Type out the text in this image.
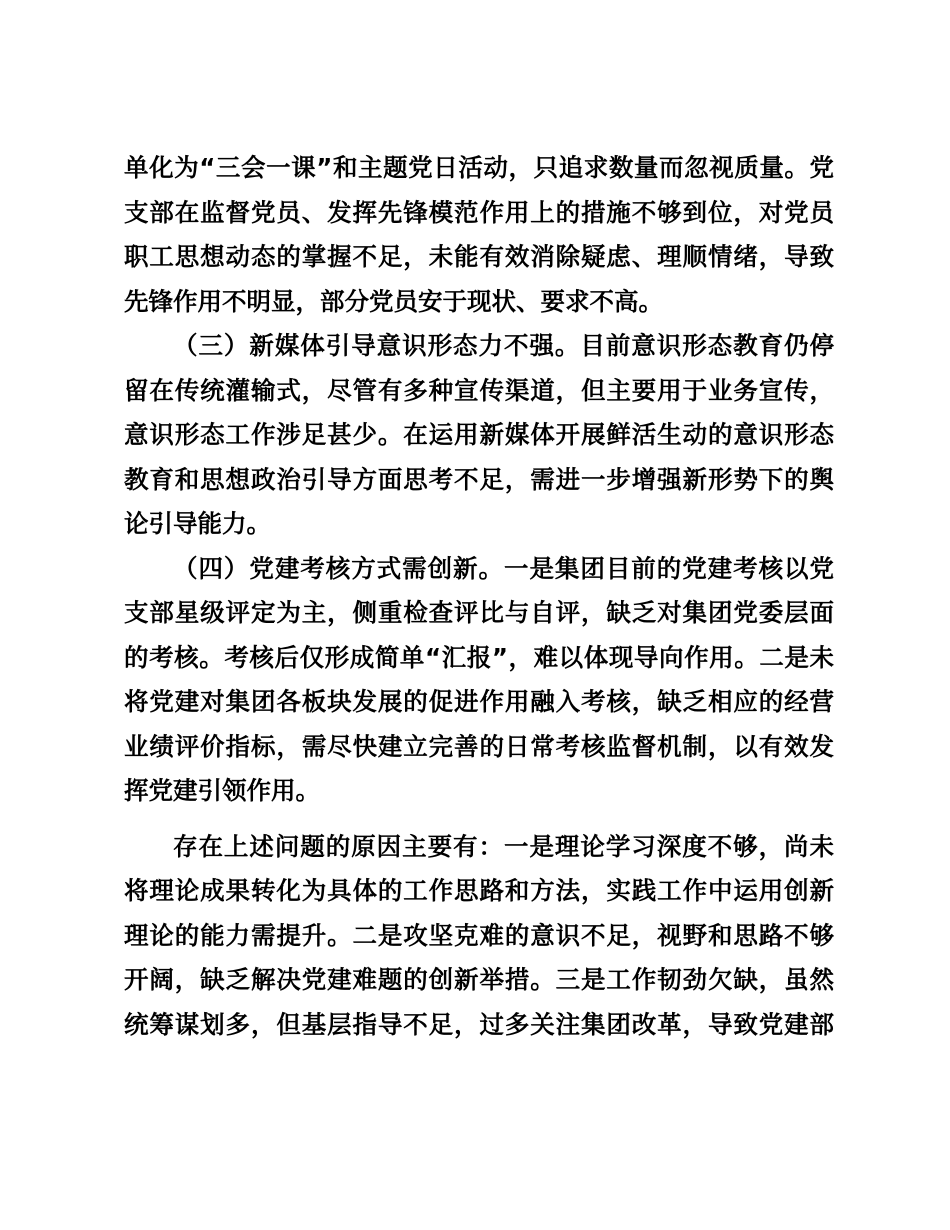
单化为“三会一课”和主题党日活动，只追求数量而忽视质量。党
支部在监督党员、发挥先锋模范作用上的措施不够到位，对党员
职工思想动态的掌握不足，未能有效消除疑虑、理顺情绪，导致
先锋作用不明显，部分党员安于现状、要求不高。
（三）新媒体引导意识形态力不强。目前意识形态教育仍停
留在传统灌输式，尽管有多种宣传渠道，但主要用于业务宣传，
意识形态工作涉足甚少。在运用新媒体开展鲜活生动的意识形态
教育和思想政治引导方面思考不足，需进一步增强新形势下的舆
论引导能力。
（四）党建考核方式需创新。一是集团目前的党建考核以党
支部星级评定为主，侧重检查评比与自评，缺乏对集团党委层面
的考核。考核后仅形成简单“汇报”，难以体现导向作用。二是未
将党建对集团各板块发展的促进作用融入考核，缺乏相应的经营
业绩评价指标，需尽快建立完善的日常考核监督机制，以有效发
挥党建引领作用。
存在上述问题的原因主要有：一是理论学习深度不够，尚未
将理论成果转化为具体的工作思路和方法，实践工作中运用创新
理论的能力需提升。二是攻坚克难的意识不足，视野和思路不够
开阔，缺乏解决党建难题的创新举措。三是工作韧劲欠缺，虽然
统筹谋划多，但基层指导不足，过多关注集团改革，导致党建部
